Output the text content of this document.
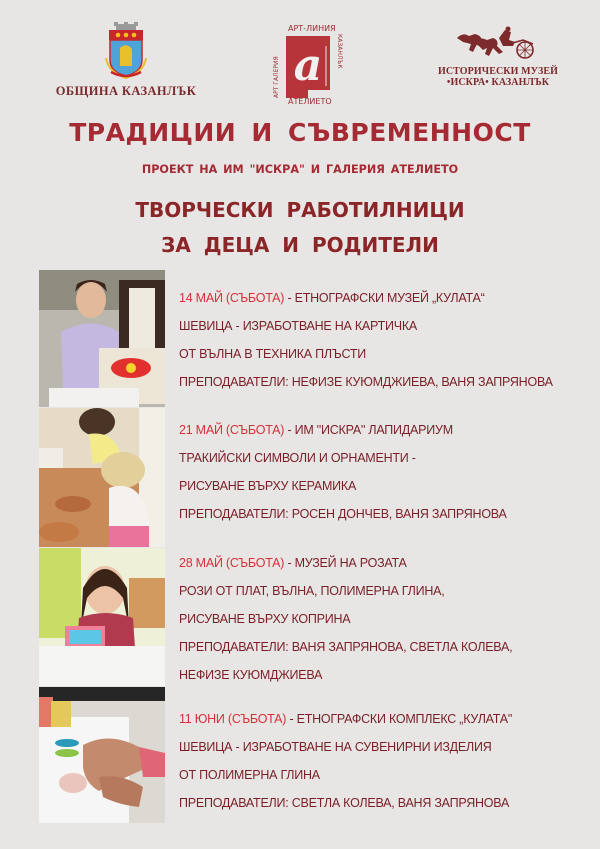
ОБЩИНА КАЗАНЛЪК a
АРТ-ЛИНИЯ
АТЕЛИЕТО
АРТ ГАЛЕРИЯ
КАЗАНЛЪК
ИСТОРИЧЕСКИ МУЗЕЙ
•ИСКРА• КАЗАНЛЪК
ТРАДИЦИИ И СЪВРЕМЕННОСТ
ПРОЕКТ НА ИМ "ИСКРА" И ГАЛЕРИЯ АТЕЛИЕТО
ТВОРЧЕСКИ РАБОТИЛНИЦИ
ЗА ДЕЦА И РОДИТЕЛИ
14 МАЙ (СЪБОТА) - ЕТНОГРАФСКИ МУЗЕЙ „КУЛАТА“
ШЕВИЦА - ИЗРАБОТВАНЕ НА КАРТИЧКА
ОТ ВЪЛНА В ТЕХНИКА ПЛЪСТИ
ПРЕПОДАВАТЕЛИ: НЕФИЗЕ КУЮМДЖИЕВА, ВАНЯ ЗАПРЯНОВА
21 МАЙ (СЪБОТА) - ИМ "ИСКРА" ЛАПИДАРИУМ
ТРАКИЙСКИ СИМВОЛИ И ОРНАМЕНТИ -
РИСУВАНЕ ВЪРХУ КЕРАМИКА
ПРЕПОДАВАТЕЛИ: РОСЕН ДОНЧЕВ, ВАНЯ ЗАПРЯНОВА
28 МАЙ (СЪБОТА) - МУЗЕЙ НА РОЗАТА
РОЗИ ОТ ПЛАТ, ВЪЛНА, ПОЛИМЕРНА ГЛИНА,
РИСУВАНЕ ВЪРХУ КОПРИНА
ПРЕПОДАВАТЕЛИ: ВАНЯ ЗАПРЯНОВА, СВЕТЛА КОЛЕВА,
НЕФИЗЕ КУЮМДЖИЕВА
11 ЮНИ (СЪБОТА) - ЕТНОГРАФСКИ КОМПЛЕКС „КУЛАТА"
ШЕВИЦА - ИЗРАБОТВАНЕ НА СУВЕНИРНИ ИЗДЕЛИЯ
ОТ ПОЛИМЕРНА ГЛИНА
ПРЕПОДАВАТЕЛИ: СВЕТЛА КОЛЕВА, ВАНЯ ЗАПРЯНОВА
